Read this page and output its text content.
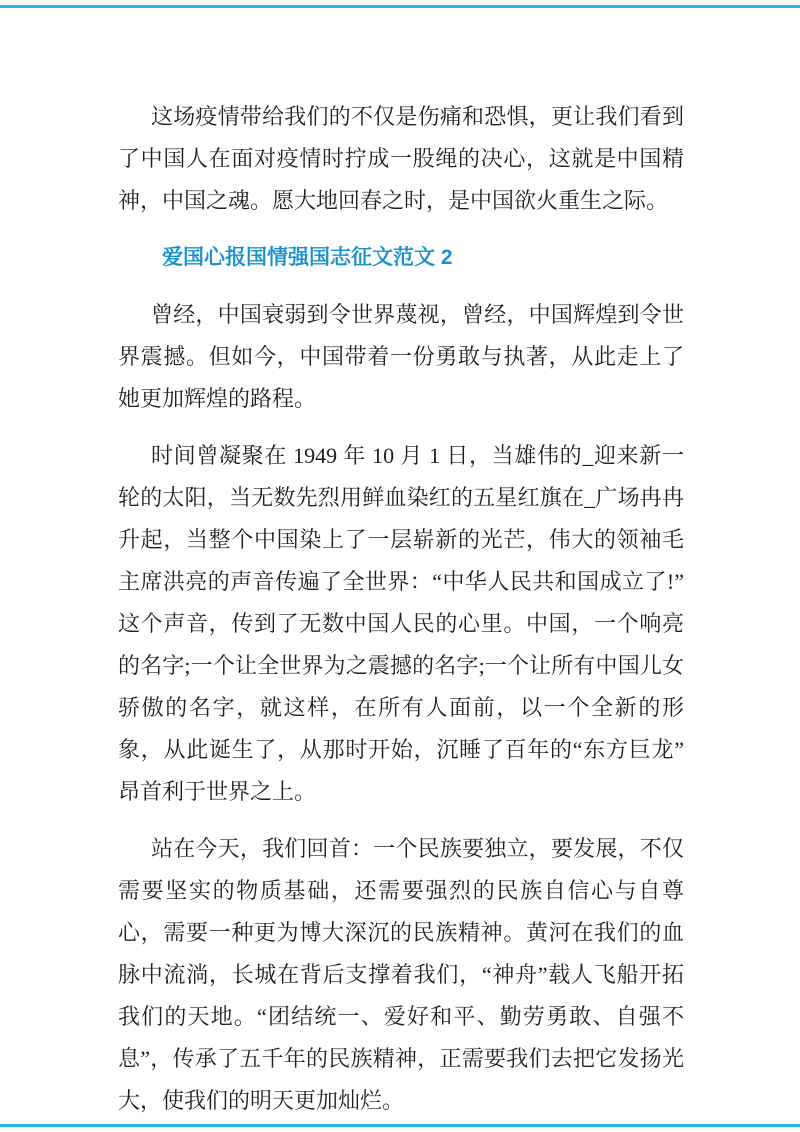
这场疫情带给我们的不仅是伤痛和恐惧，更让我们看到了中国人在面对疫情时拧成一股绳的决心，这就是中国精神，中国之魂。愿大地回春之时，是中国欲火重生之际。

爱国心报国情强国志征文范文 2

曾经，中国衰弱到令世界蔑视，曾经，中国辉煌到令世界震撼。但如今，中国带着一份勇敢与执著，从此走上了她更加辉煌的路程。

时间曾凝聚在 1949 年 10 月 1 日，当雄伟的_迎来新一轮的太阳，当无数先烈用鲜血染红的五星红旗在_广场冉冉升起，当整个中国染上了一层崭新的光芒，伟大的领袖毛主席洪亮的声音传遍了全世界：“中华人民共和国成立了!”这个声音，传到了无数中国人民的心里。中国，一个响亮的名字;一个让全世界为之震撼的名字;一个让所有中国儿女骄傲的名字，就这样，在所有人面前，以一个全新的形象，从此诞生了，从那时开始，沉睡了百年的“东方巨龙”昂首利于世界之上。

站在今天，我们回首：一个民族要独立，要发展，不仅需要坚实的物质基础，还需要强烈的民族自信心与自尊心，需要一种更为博大深沉的民族精神。黄河在我们的血脉中流淌，长城在背后支撑着我们，“神舟”载人飞船开拓我们的天地。“团结统一、爱好和平、勤劳勇敢、自强不息”，传承了五千年的民族精神，正需要我们去把它发扬光大，使我们的明天更加灿烂。
